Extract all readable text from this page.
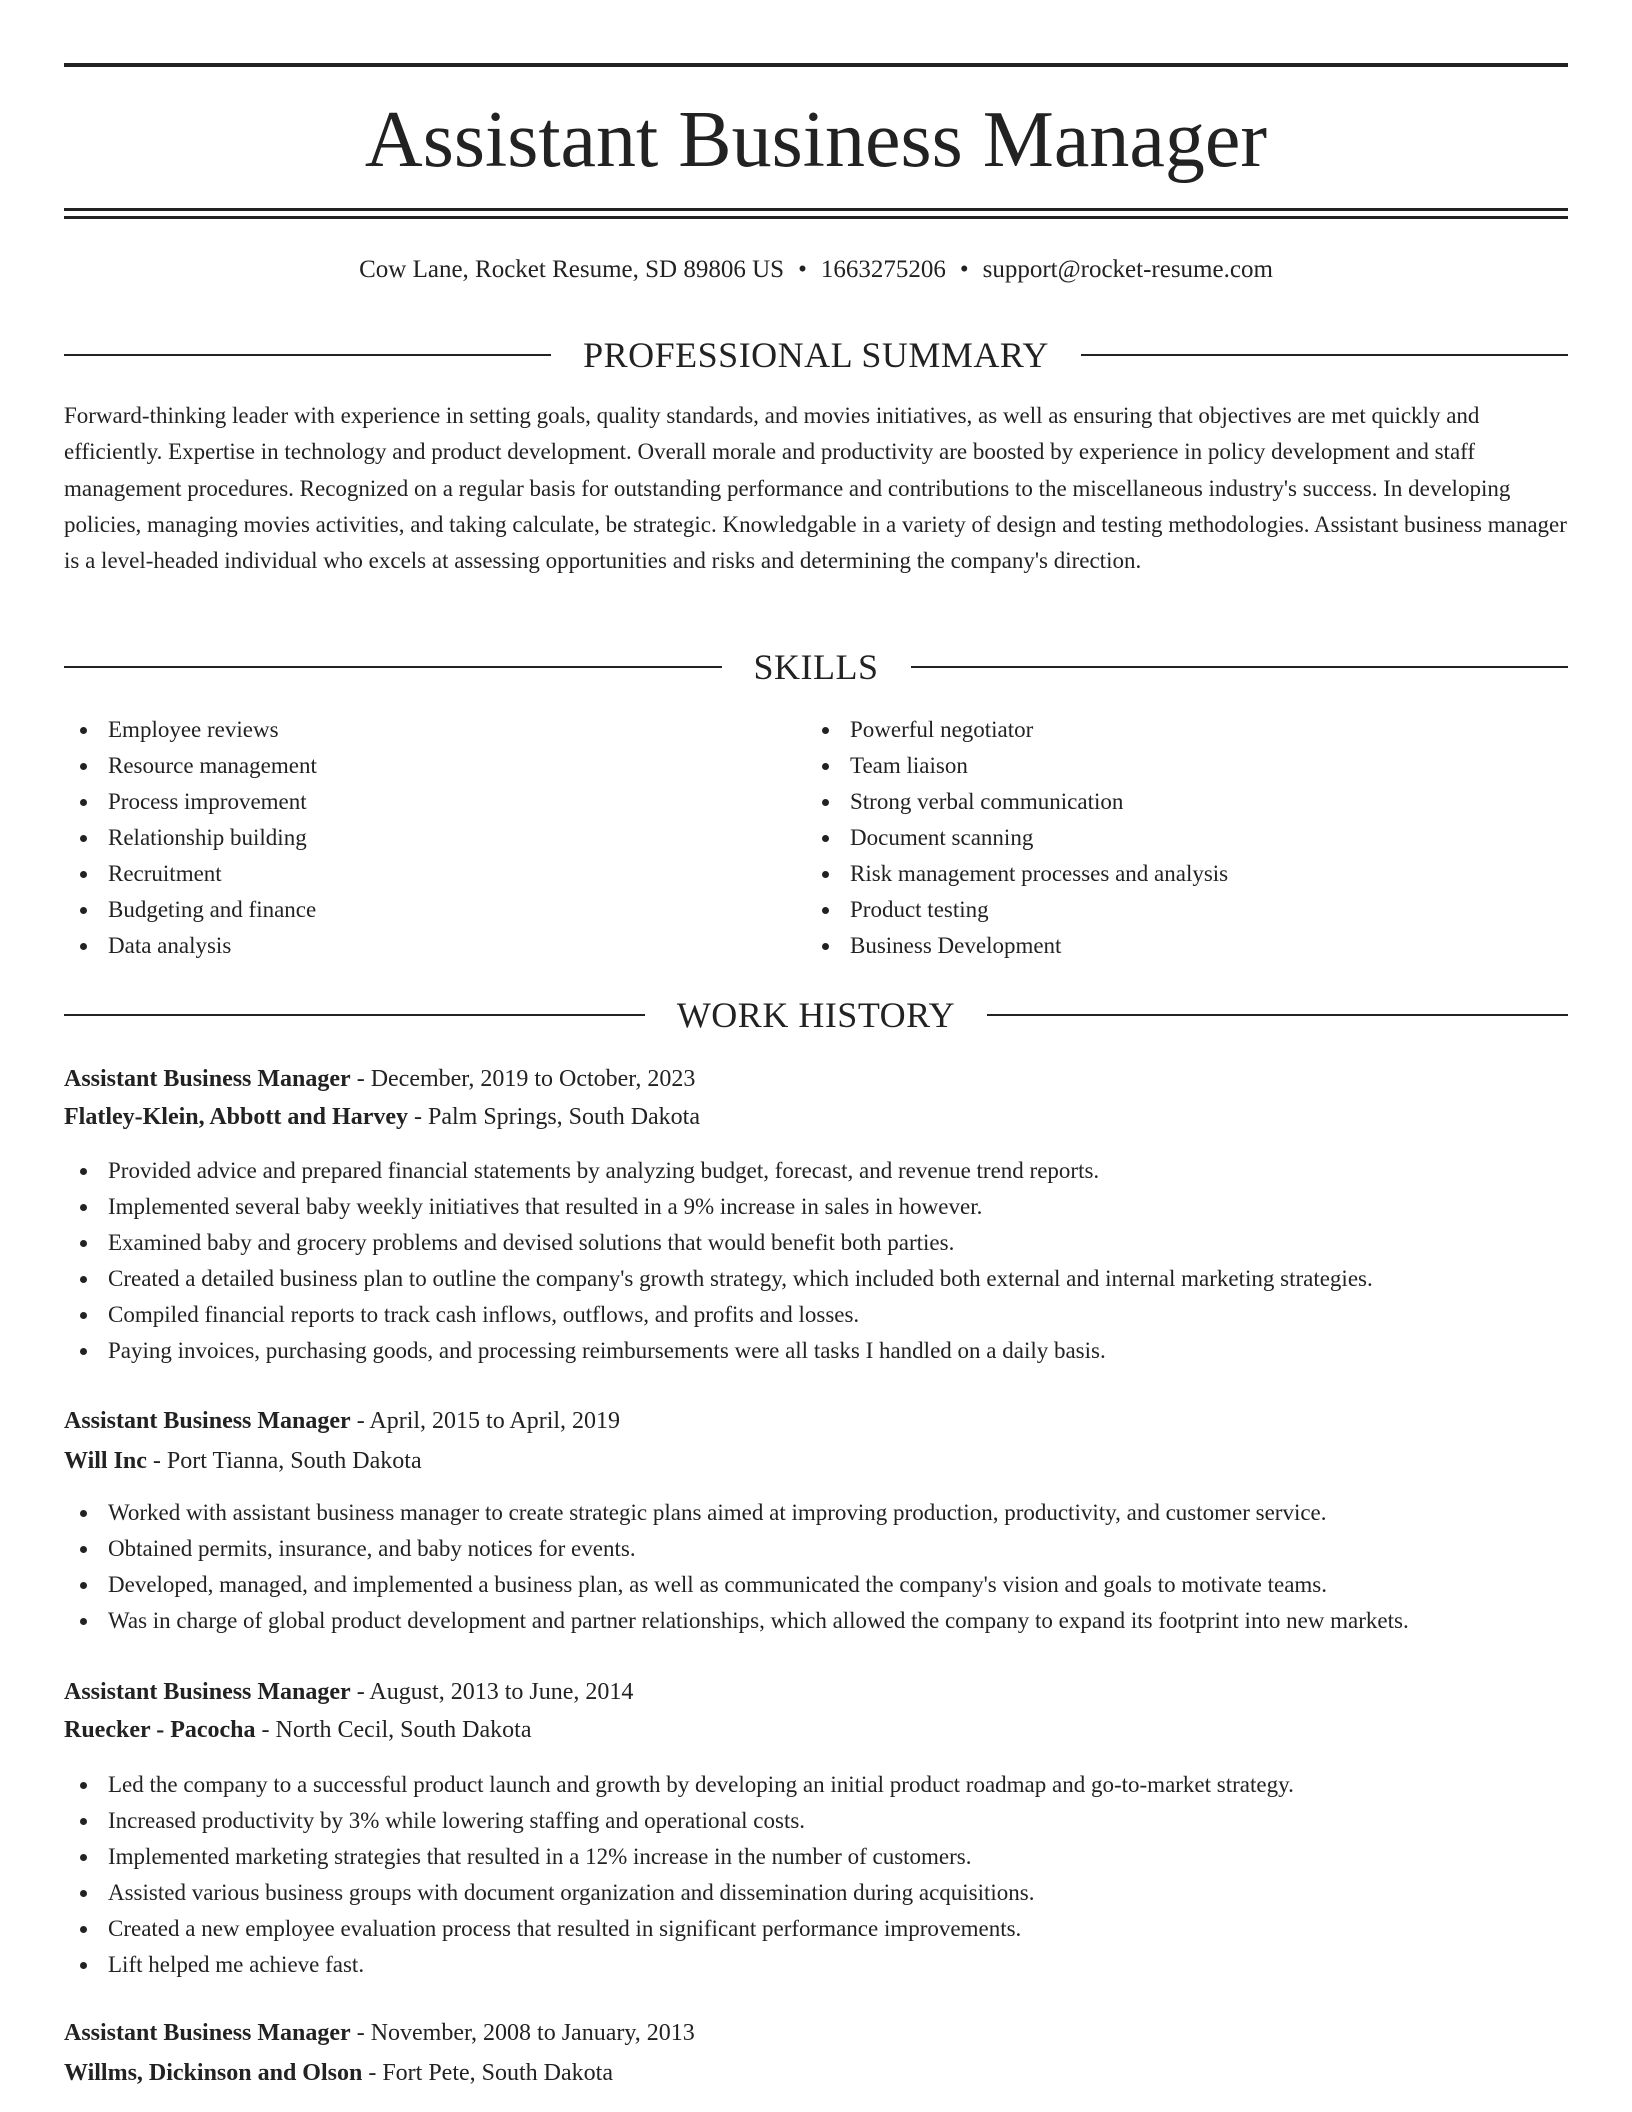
Assistant Business Manager
Cow Lane, Rocket Resume, SD 89806 US • 1663275206 • support@rocket-resume.com
PROFESSIONAL SUMMARY

Forward-thinking leader with experience in setting goals, quality standards, and movies initiatives, as well as ensuring that objectives are met quickly and efficiently. Expertise in technology and product development. Overall morale and productivity are boosted by experience in policy development and staff management procedures. Recognized on a regular basis for outstanding performance and contributions to the miscellaneous industry's success. In developing policies, managing movies activities, and taking calculate, be strategic. Knowledgable in a variety of design and testing methodologies. Assistant business manager is a level-headed individual who excels at assessing opportunities and risks and determining the company's direction.

SKILLS
Employee reviews
Resource management
Process improvement
Relationship building
Recruitment
Budgeting and finance
Data analysis
Powerful negotiator
Team liaison
Strong verbal communication
Document scanning
Risk management processes and analysis
Product testing
Business Development
WORK HISTORY
Assistant Business Manager - December, 2019 to October, 2023
Flatley-Klein, Abbott and Harvey - Palm Springs, South Dakota
Provided advice and prepared financial statements by analyzing budget, forecast, and revenue trend reports.
Implemented several baby weekly initiatives that resulted in a 9% increase in sales in however.
Examined baby and grocery problems and devised solutions that would benefit both parties.
Created a detailed business plan to outline the company's growth strategy, which included both external and internal marketing strategies.
Compiled financial reports to track cash inflows, outflows, and profits and losses.
Paying invoices, purchasing goods, and processing reimbursements were all tasks I handled on a daily basis.
Assistant Business Manager - April, 2015 to April, 2019
Will Inc - Port Tianna, South Dakota
Worked with assistant business manager to create strategic plans aimed at improving production, productivity, and customer service.
Obtained permits, insurance, and baby notices for events.
Developed, managed, and implemented a business plan, as well as communicated the company's vision and goals to motivate teams.
Was in charge of global product development and partner relationships, which allowed the company to expand its footprint into new markets.
Assistant Business Manager - August, 2013 to June, 2014
Ruecker - Pacocha - North Cecil, South Dakota
Led the company to a successful product launch and growth by developing an initial product roadmap and go-to-market strategy.
Increased productivity by 3% while lowering staffing and operational costs.
Implemented marketing strategies that resulted in a 12% increase in the number of customers.
Assisted various business groups with document organization and dissemination during acquisitions.
Created a new employee evaluation process that resulted in significant performance improvements.
Lift helped me achieve fast.
Assistant Business Manager - November, 2008 to January, 2013
Willms, Dickinson and Olson - Fort Pete, South Dakota
